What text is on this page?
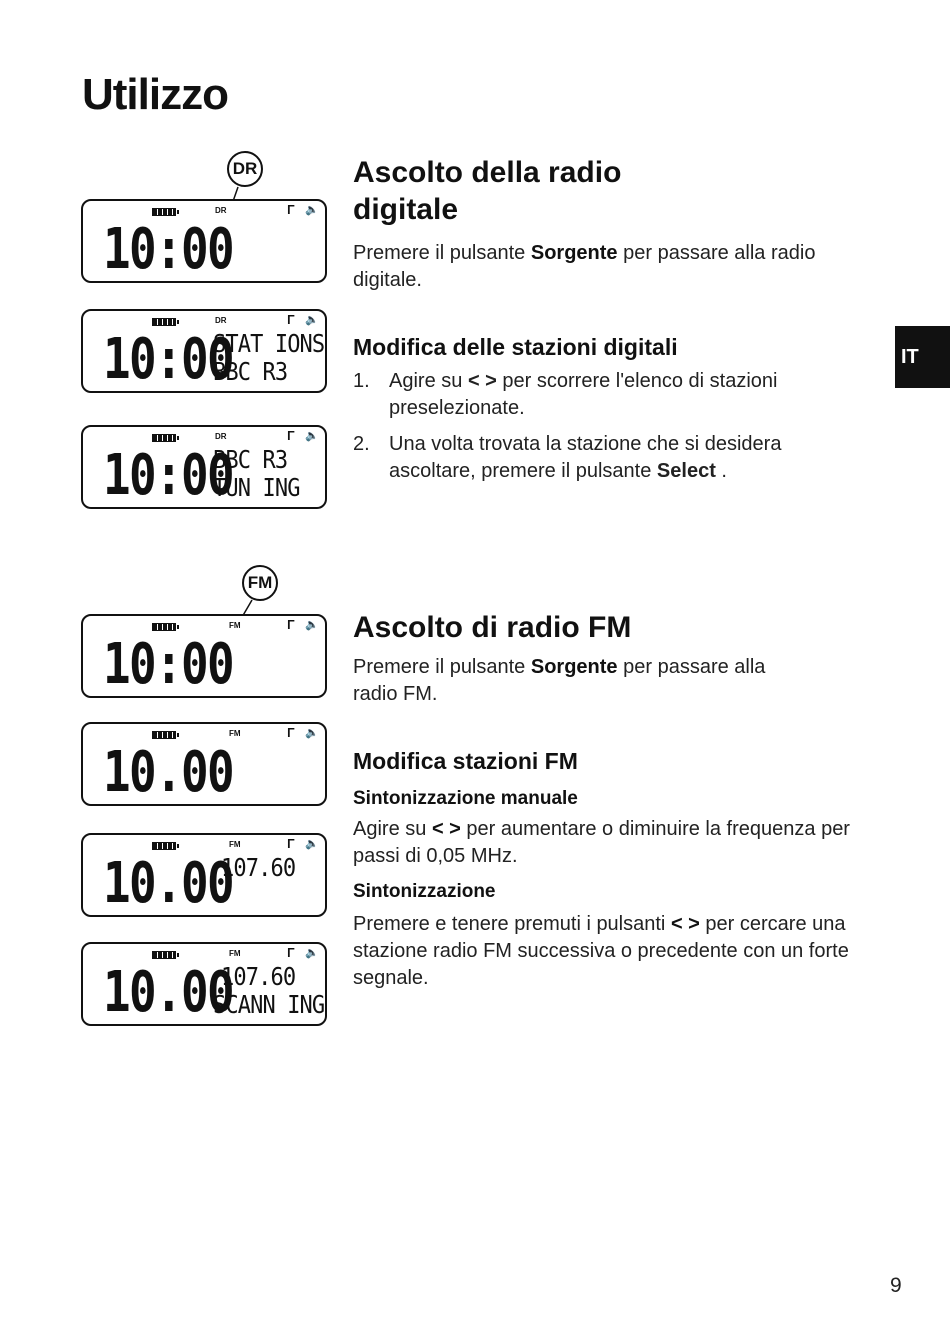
Utilizzo
IT
DR
FM
DR	𝚪 🔈
10:00
DR	𝚪 🔈
10:00
STAT IONS
BBC R3
DR	𝚪 🔈
10:00
BBC R3
TUN ING
FM	𝚪 🔈
10:00
FM	𝚪 🔈
10.00
FM	𝚪 🔈
10.00
107.60
FM	𝚪 🔈
10.00
107.60
SCANN ING
Ascolto della radio digitale

Premere il pulsante Sorgente per passare alla radio digitale.

Modifica delle stazioni digitali
1. Agire su < > per scorrere l'elenco di stazioni preselezionate.
2. Una volta trovata la stazione che si desidera ascoltare, premere il pulsante Select .
Ascolto di radio FM

Premere il pulsante Sorgente per passare alla radio FM.

Modifica stazioni FM
Sintonizzazione manuale

Agire su < > per aumentare o diminuire la frequenza per passi di 0,05 MHz.

Sintonizzazione

Premere e tenere premuti i pulsanti < > per cercare una stazione radio FM successiva o precedente con un forte segnale.

9
